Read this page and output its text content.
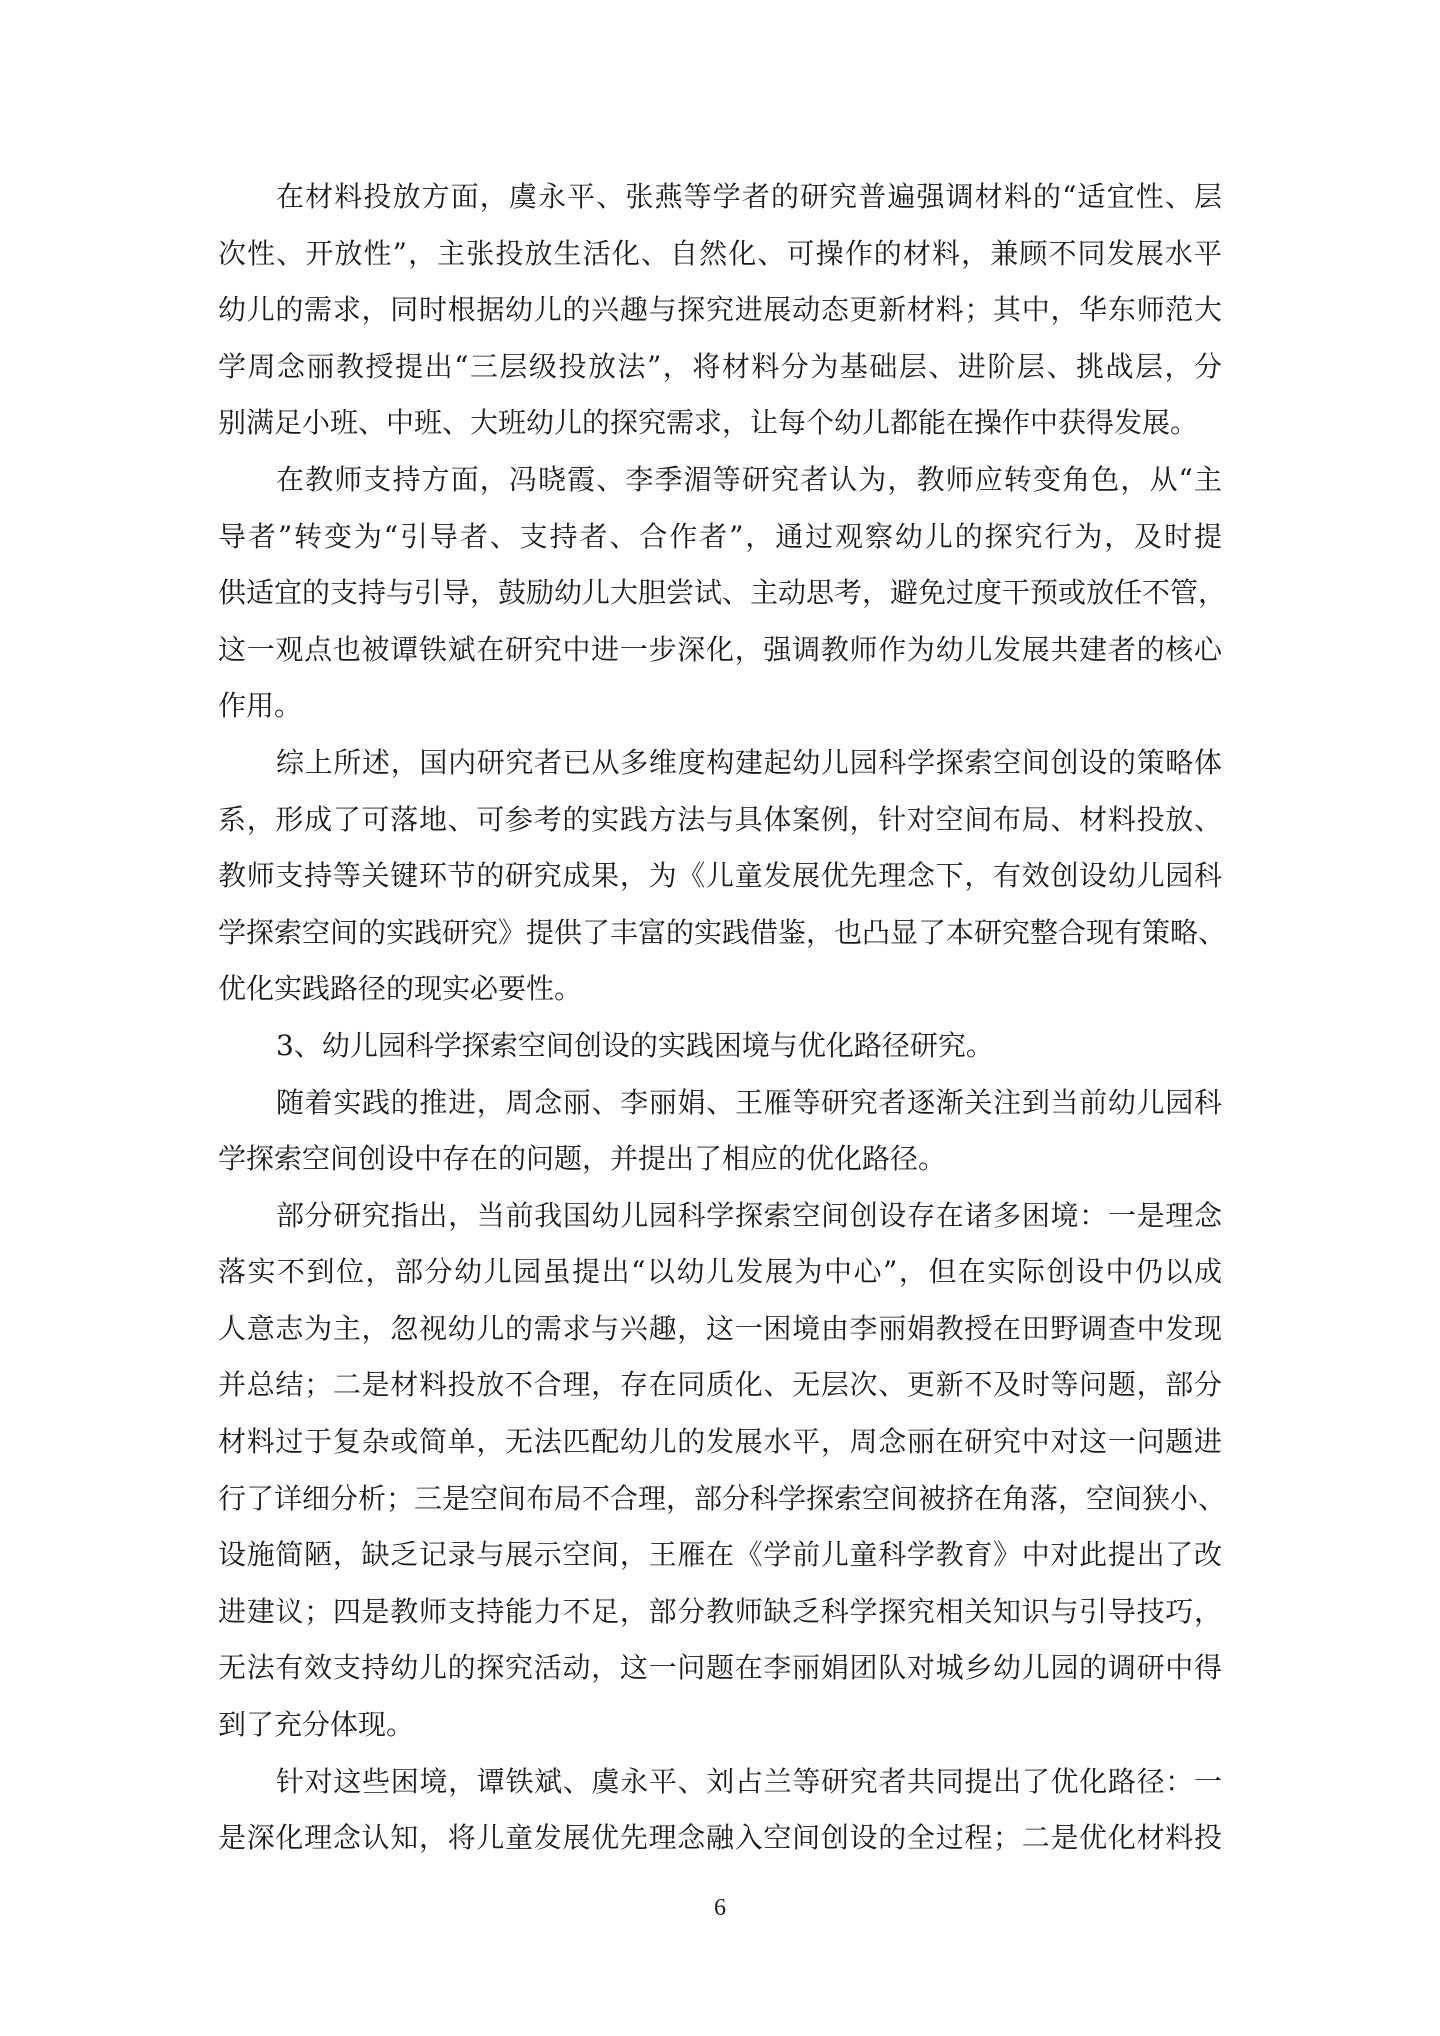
在材料投放方面，虞永平、张燕等学者的研究普遍强调材料的“适宜性、层
次性、开放性”，主张投放生活化、自然化、可操作的材料，兼顾不同发展水平
幼儿的需求，同时根据幼儿的兴趣与探究进展动态更新材料；其中，华东师范大
学周念丽教授提出“三层级投放法”，将材料分为基础层、进阶层、挑战层，分
别满足小班、中班、大班幼儿的探究需求，让每个幼儿都能在操作中获得发展。
在教师支持方面，冯晓霞、李季湄等研究者认为，教师应转变角色，从“主
导者”转变为“引导者、支持者、合作者”，通过观察幼儿的探究行为，及时提
供适宜的支持与引导，鼓励幼儿大胆尝试、主动思考，避免过度干预或放任不管，
这一观点也被谭铁斌在研究中进一步深化，强调教师作为幼儿发展共建者的核心
作用。
综上所述，国内研究者已从多维度构建起幼儿园科学探索空间创设的策略体
系，形成了可落地、可参考的实践方法与具体案例，针对空间布局、材料投放、
教师支持等关键环节的研究成果，为《儿童发展优先理念下，有效创设幼儿园科
学探索空间的实践研究》提供了丰富的实践借鉴，也凸显了本研究整合现有策略、
优化实践路径的现实必要性。
3、幼儿园科学探索空间创设的实践困境与优化路径研究。
随着实践的推进，周念丽、李丽娟、王雁等研究者逐渐关注到当前幼儿园科
学探索空间创设中存在的问题，并提出了相应的优化路径。
部分研究指出，当前我国幼儿园科学探索空间创设存在诸多困境：一是理念
落实不到位，部分幼儿园虽提出“以幼儿发展为中心”，但在实际创设中仍以成
人意志为主，忽视幼儿的需求与兴趣，这一困境由李丽娟教授在田野调查中发现
并总结；二是材料投放不合理，存在同质化、无层次、更新不及时等问题，部分
材料过于复杂或简单，无法匹配幼儿的发展水平，周念丽在研究中对这一问题进
行了详细分析；三是空间布局不合理，部分科学探索空间被挤在角落，空间狭小、
设施简陋，缺乏记录与展示空间，王雁在《学前儿童科学教育》中对此提出了改
进建议；四是教师支持能力不足，部分教师缺乏科学探究相关知识与引导技巧，
无法有效支持幼儿的探究活动，这一问题在李丽娟团队对城乡幼儿园的调研中得
到了充分体现。
针对这些困境，谭铁斌、虞永平、刘占兰等研究者共同提出了优化路径：一
是深化理念认知，将儿童发展优先理念融入空间创设的全过程；二是优化材料投
6
